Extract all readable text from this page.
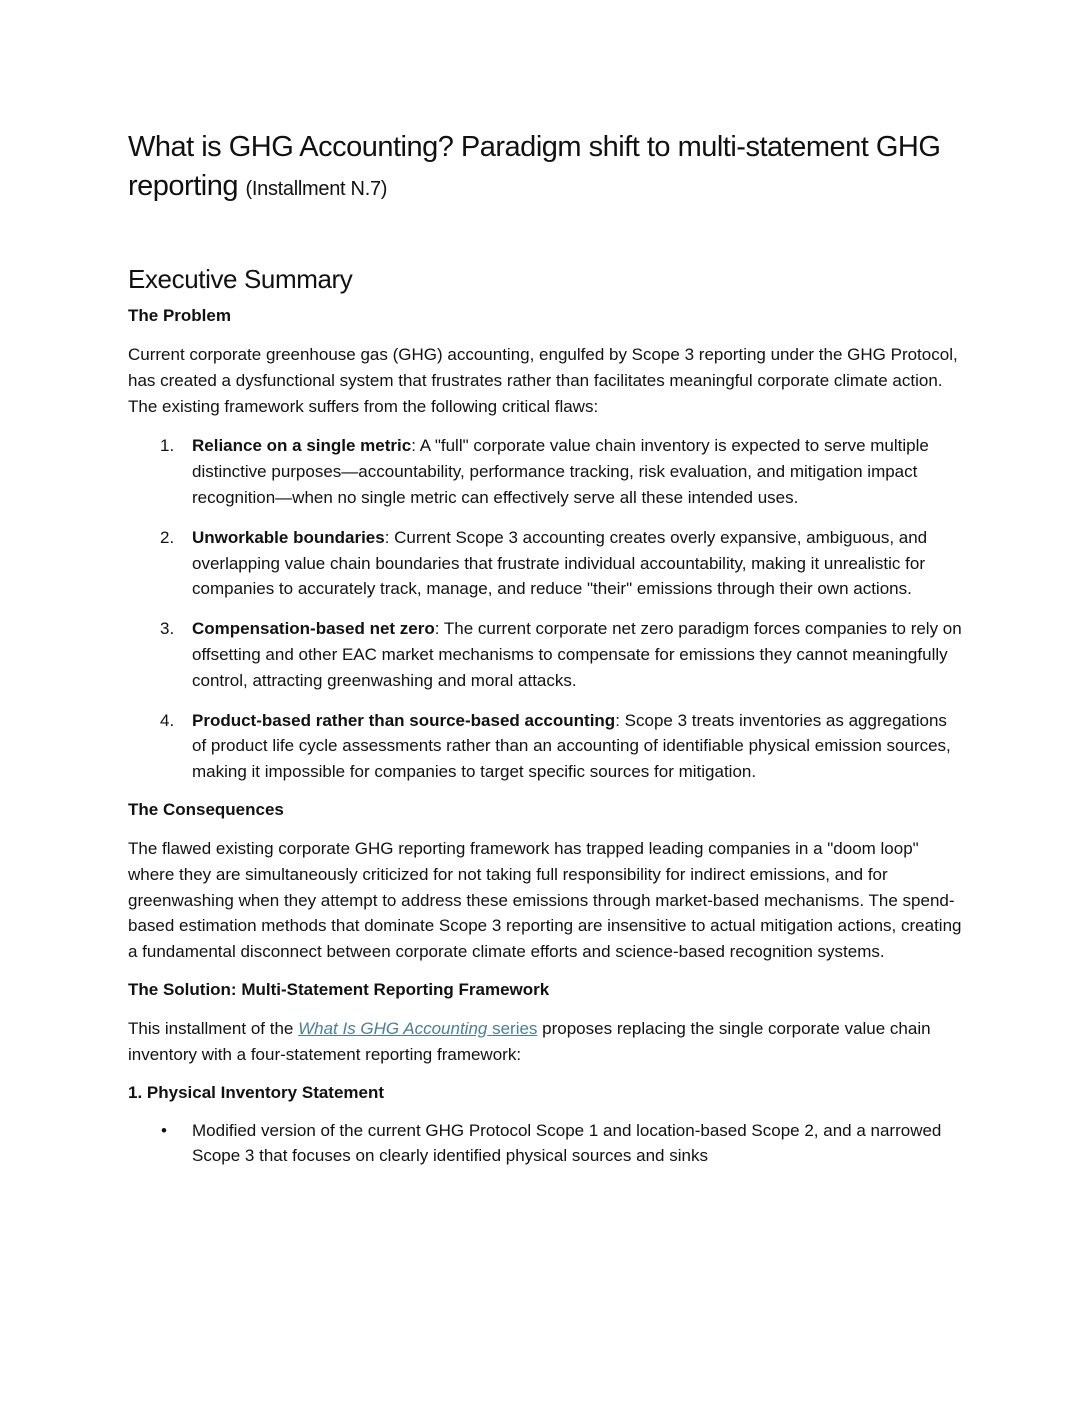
What is GHG Accounting? Paradigm shift to multi-statement GHG reporting (Installment N.7)
Executive Summary
The Problem

Current corporate greenhouse gas (GHG) accounting, engulfed by Scope 3 reporting under the GHG Protocol, has created a dysfunctional system that frustrates rather than facilitates meaningful corporate climate action. The existing framework suffers from the following critical flaws:

1. Reliance on a single metric: A "full" corporate value chain inventory is expected to serve multiple distinctive purposes—accountability, performance tracking, risk evaluation, and mitigation impact recognition—when no single metric can effectively serve all these intended uses.
2. Unworkable boundaries: Current Scope 3 accounting creates overly expansive, ambiguous, and overlapping value chain boundaries that frustrate individual accountability, making it unrealistic for companies to accurately track, manage, and reduce "their" emissions through their own actions.
3. Compensation-based net zero: The current corporate net zero paradigm forces companies to rely on offsetting and other EAC market mechanisms to compensate for emissions they cannot meaningfully control, attracting greenwashing and moral attacks.
4. Product-based rather than source-based accounting: Scope 3 treats inventories as aggregations of product life cycle assessments rather than an accounting of identifiable physical emission sources, making it impossible for companies to target specific sources for mitigation.
The Consequences

The flawed existing corporate GHG reporting framework has trapped leading companies in a "doom loop" where they are simultaneously criticized for not taking full responsibility for indirect emissions, and for greenwashing when they attempt to address these emissions through market-based mechanisms. The spend-based estimation methods that dominate Scope 3 reporting are insensitive to actual mitigation actions, creating a fundamental disconnect between corporate climate efforts and science-based recognition systems.

The Solution: Multi-Statement Reporting Framework

This installment of the What Is GHG Accounting series proposes replacing the single corporate value chain inventory with a four-statement reporting framework:

1. Physical Inventory Statement
• Modified version of the current GHG Protocol Scope 1 and location-based Scope 2, and a narrowed Scope 3 that focuses on clearly identified physical sources and sinks
